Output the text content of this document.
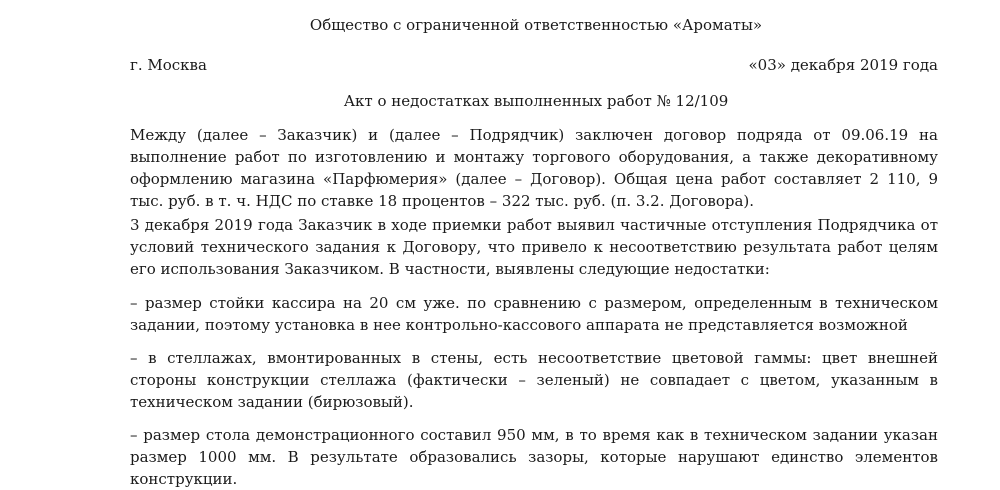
Общество с ограниченной ответственностью «Ароматы»
г. Москва	«03» декабря 2019 года
Акт о недостатках выполненных работ № 12/109
Между (далее – Заказчик) и (далее – Подрядчик) заключен договор подряда от 09.06.19 на
выполнение работ по изготовлению и монтажу торгового оборудования, а также декоративному
оформлению магазина «Парфюмерия» (далее – Договор). Общая цена работ составляет 2 110, 9
тыс. руб. в т. ч. НДС по ставке 18 процентов – 322 тыс. руб. (п. 3.2. Договора).
3 декабря 2019 года Заказчик в ходе приемки работ выявил частичные отступления Подрядчика от
условий технического задания к Договору, что привело к несоответствию результата работ целям
его использования Заказчиком. В частности, выявлены следующие недостатки:
– размер стойки кассира на 20 см уже. по сравнению с размером, определенным в техническом
задании, поэтому установка в нее контрольно-кассового аппарата не представляется возможной
– в стеллажах, вмонтированных в стены, есть несоответствие цветовой гаммы: цвет внешней
стороны конструкции стеллажа (фактически – зеленый) не совпадает с цветом, указанным в
техническом задании (бирюзовый).
– размер стола демонстрационного составил 950 мм, в то время как в техническом задании указан
размер 1000 мм. В результате образовались зазоры, которые нарушают единство элементов
конструкции.
